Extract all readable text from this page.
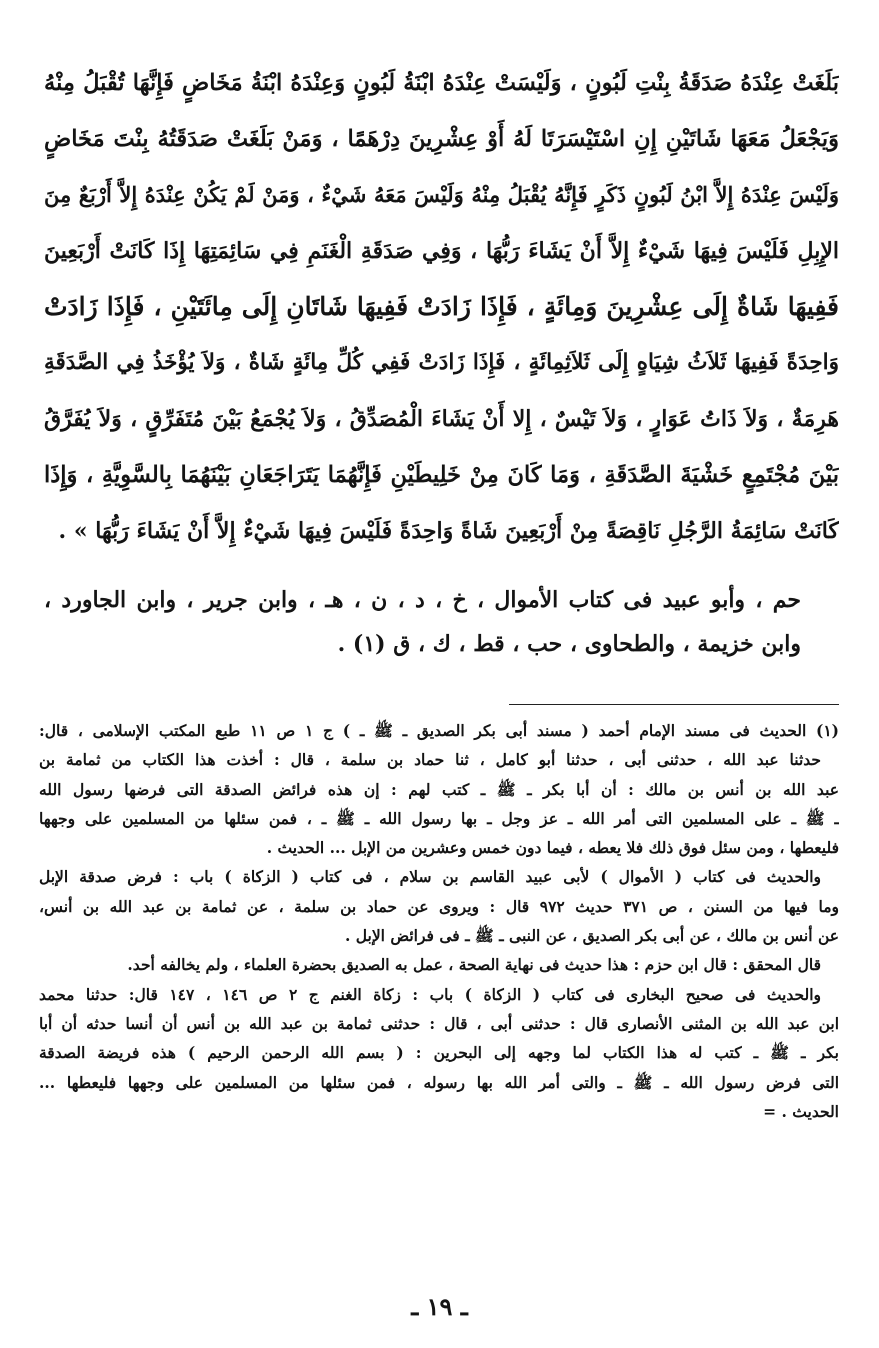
بَلَغَتْ عِنْدَهُ صَدَقَةُ بِنْتِ لَبُونٍ ، وَلَيْسَتْ عِنْدَهُ ابْنَةُ لَبُونٍ وَعِنْدَهُ ابْنَةُ مَخَاضٍ فَإِنَّهَا تُقْبَلُ مِنْهُ
وَيَجْعَلُ مَعَهَا شَاتَيْنِ إِنِ اسْتَيْسَرَتَا لَهُ أَوْ عِشْرِينَ دِرْهَمًا ، وَمَنْ بَلَغَتْ صَدَقَتُهُ بِنْتَ مَخَاضٍ
وَلَيْسَ عِنْدَهُ إِلاَّ ابْنُ لَبُونٍ ذَكَرٍ فَإِنَّهُ يُقْبَلُ مِنْهُ وَلَيْسَ مَعَهُ شَيْءٌ ، وَمَنْ لَمْ يَكُنْ عِنْدَهُ إِلاَّ أَرْبَعٌ مِنَ
الإِبِلِ فَلَيْسَ فِيهَا شَيْءٌ إِلاَّ أَنْ يَشَاءَ رَبُّهَا ، وَفِي صَدَقَةِ الْغَنَمِ فِي سَائِمَتِهَا إِذَا كَانَتْ أَرْبَعِينَ
فَفِيهَا شَاةٌ إِلَى عِشْرِينَ وَمِائَةٍ ، فَإِذَا زَادَتْ فَفِيهَا شَاتَانِ إِلَى مِائَتَيْنِ ، فَإِذَا زَادَتْ
وَاحِدَةً فَفِيهَا ثَلاَثُ شِيَاهٍ إِلَى ثَلاَثِمِائَةٍ ، فَإِذَا زَادَتْ فَفِي كُلِّ مِائَةٍ شَاةٌ ، وَلاَ يُؤْخَذُ فِي الصَّدَقَةِ
هَرِمَةٌ ، وَلاَ ذَاتُ عَوَارٍ ، وَلاَ تَيْسٌ ، إِلا أَنْ يَشَاءَ الْمُصَدِّقُ ، وَلاَ يُجْمَعُ بَيْنَ مُتَفَرِّقٍ ، وَلاَ يُفَرَّقُ
بَيْنَ مُجْتَمِعٍ خَشْيَةَ الصَّدَقَةِ ، وَمَا كَانَ مِنْ خَلِيطَيْنِ فَإِنَّهُمَا يَتَرَاجَعَانِ بَيْنَهُمَا بِالسَّوِيَّةِ ، وَإِذَا
كَانَتْ سَائِمَةُ الرَّجُلِ نَاقِصَةً مِنْ أَرْبَعِينَ شَاةً وَاحِدَةً فَلَيْسَ فِيهَا شَيْءٌ إِلاَّ أَنْ يَشَاءَ رَبُّهَا » .
حم ، وأبو عبيد فى كتاب الأموال ، خ ، د ، ن ، هـ ، وابن جرير ، وابن الجاورد ،
وابن خزيمة ، والطحاوى ، حب ، قط ، ك ، ق (١) .
(١) الحديث فى مسند الإمام أحمد ( مسند أبى بكر الصديق ـ ﷺ ـ ) ج ١ ص ١١ طبع المكتب الإسلامى ، قال:
حدثنا عبد الله ، حدثنى أبى ، حدثنا أبو كامل ، ثنا حماد بن سلمة ، قال : أخذت هذا الكتاب من ثمامة بن
عبد الله بن أنس بن مالك : أن أبا بكر ـ ﷺ ـ كتب لهم : إن هذه فرائض الصدقة التى فرضها رسول الله
ـ ﷺ ـ على المسلمين التى أمر الله ـ عز وجل ـ بها رسول الله ـ ﷺ ـ ، فمن سئلها من المسلمين على وجهها
فليعطها ، ومن سئل فوق ذلك فلا يعطه ، فيما دون خمس وعشرين من الإبل ... الحديث .
والحديث فى كتاب ( الأموال ) لأبى عبيد القاسم بن سلام ، فى كتاب ( الزكاة ) باب : فرض صدقة الإبل
وما فيها من السنن ، ص ٣٧١ حديث ٩٧٢ قال : ويروى عن حماد بن سلمة ، عن ثمامة بن عبد الله بن أنس،
عن أنس بن مالك ، عن أبى بكر الصديق ، عن النبى ـ ﷺ ـ فى فرائض الإبل .
قال المحقق : قال ابن حزم : هذا حديث فى نهاية الصحة ، عمل به الصديق بحضرة العلماء ، ولم يخالفه أحد.
والحديث فى صحيح البخارى فى كتاب ( الزكاة ) باب : زكاة الغنم ج ٢ ص ١٤٦ ، ١٤٧ قال: حدثنا محمد
ابن عبد الله بن المثنى الأنصارى قال : حدثنى أبى ، قال : حدثنى ثمامة بن عبد الله بن أنس أن أنسا حدثه أن أبا
بكر ـ ﷺ ـ كتب له هذا الكتاب لما وجهه إلى البحرين : ( بسم الله الرحمن الرحيم ) هذه فريضة الصدقة
التى فرض رسول الله ـ ﷺ ـ والتى أمر الله بها رسوله ، فمن سئلها من المسلمين على وجهها فليعطها ...
الحديث . =
ـ ١٩ ـ
